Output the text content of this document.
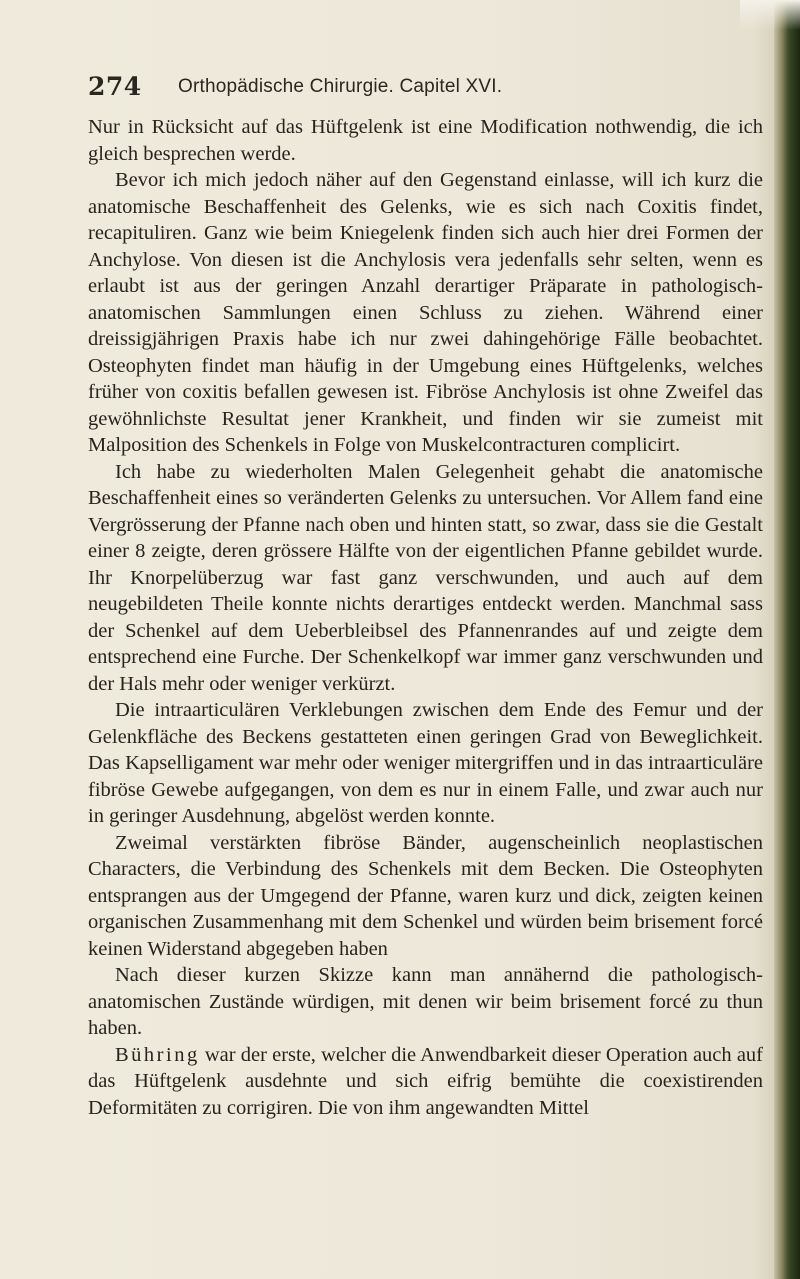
274 Orthopädische Chirurgie. Capitel XVI.

Nur in Rücksicht auf das Hüftgelenk ist eine Modification nothwendig, die ich gleich besprechen werde.

Bevor ich mich jedoch näher auf den Gegenstand einlasse, will ich kurz die anatomische Beschaffenheit des Gelenks, wie es sich nach Coxitis findet, recapituliren. Ganz wie beim Kniegelenk finden sich auch hier drei Formen der Anchylose. Von diesen ist die Anchylosis vera jedenfalls sehr selten, wenn es erlaubt ist aus der geringen Anzahl derartiger Präparate in pathologisch-anatomischen Sammlungen einen Schluss zu ziehen. Während einer dreissigjährigen Praxis habe ich nur zwei dahingehörige Fälle beobachtet. Osteophyten findet man häufig in der Umgebung eines Hüftgelenks, welches früher von coxitis befallen gewesen ist. Fibröse Anchylosis ist ohne Zweifel das gewöhnlichste Resultat jener Krankheit, und finden wir sie zumeist mit Malposition des Schenkels in Folge von Muskelcontracturen complicirt.

Ich habe zu wiederholten Malen Gelegenheit gehabt die anatomische Beschaffenheit eines so veränderten Gelenks zu untersuchen. Vor Allem fand eine Vergrösserung der Pfanne nach oben und hinten statt, so zwar, dass sie die Gestalt einer 8 zeigte, deren grössere Hälfte von der eigentlichen Pfanne gebildet wurde. Ihr Knorpelüberzug war fast ganz verschwunden, und auch auf dem neugebildeten Theile konnte nichts derartiges entdeckt werden. Manchmal sass der Schenkel auf dem Ueberbleibsel des Pfannenrandes auf und zeigte dem entsprechend eine Furche. Der Schenkelkopf war immer ganz verschwunden und der Hals mehr oder weniger verkürzt.

Die intraarticulären Verklebungen zwischen dem Ende des Femur und der Gelenkfläche des Beckens gestatteten einen geringen Grad von Beweglichkeit. Das Kapselligament war mehr oder weniger mitergriffen und in das intraarticuläre fibröse Gewebe aufgegangen, von dem es nur in einem Falle, und zwar auch nur in geringer Ausdehnung, abgelöst werden konnte.

Zweimal verstärkten fibröse Bänder, augenscheinlich neoplastischen Characters, die Verbindung des Schenkels mit dem Becken. Die Osteophyten entsprangen aus der Umgegend der Pfanne, waren kurz und dick, zeigten keinen organischen Zusammenhang mit dem Schenkel und würden beim brisement forcé keinen Widerstand abgegeben haben

Nach dieser kurzen Skizze kann man annähernd die pathologisch-anatomischen Zustände würdigen, mit denen wir beim brisement forcé zu thun haben.

Bühring war der erste, welcher die Anwendbarkeit dieser Operation auch auf das Hüftgelenk ausdehnte und sich eifrig bemühte die coexistirenden Deformitäten zu corrigiren. Die von ihm angewandten Mittel
